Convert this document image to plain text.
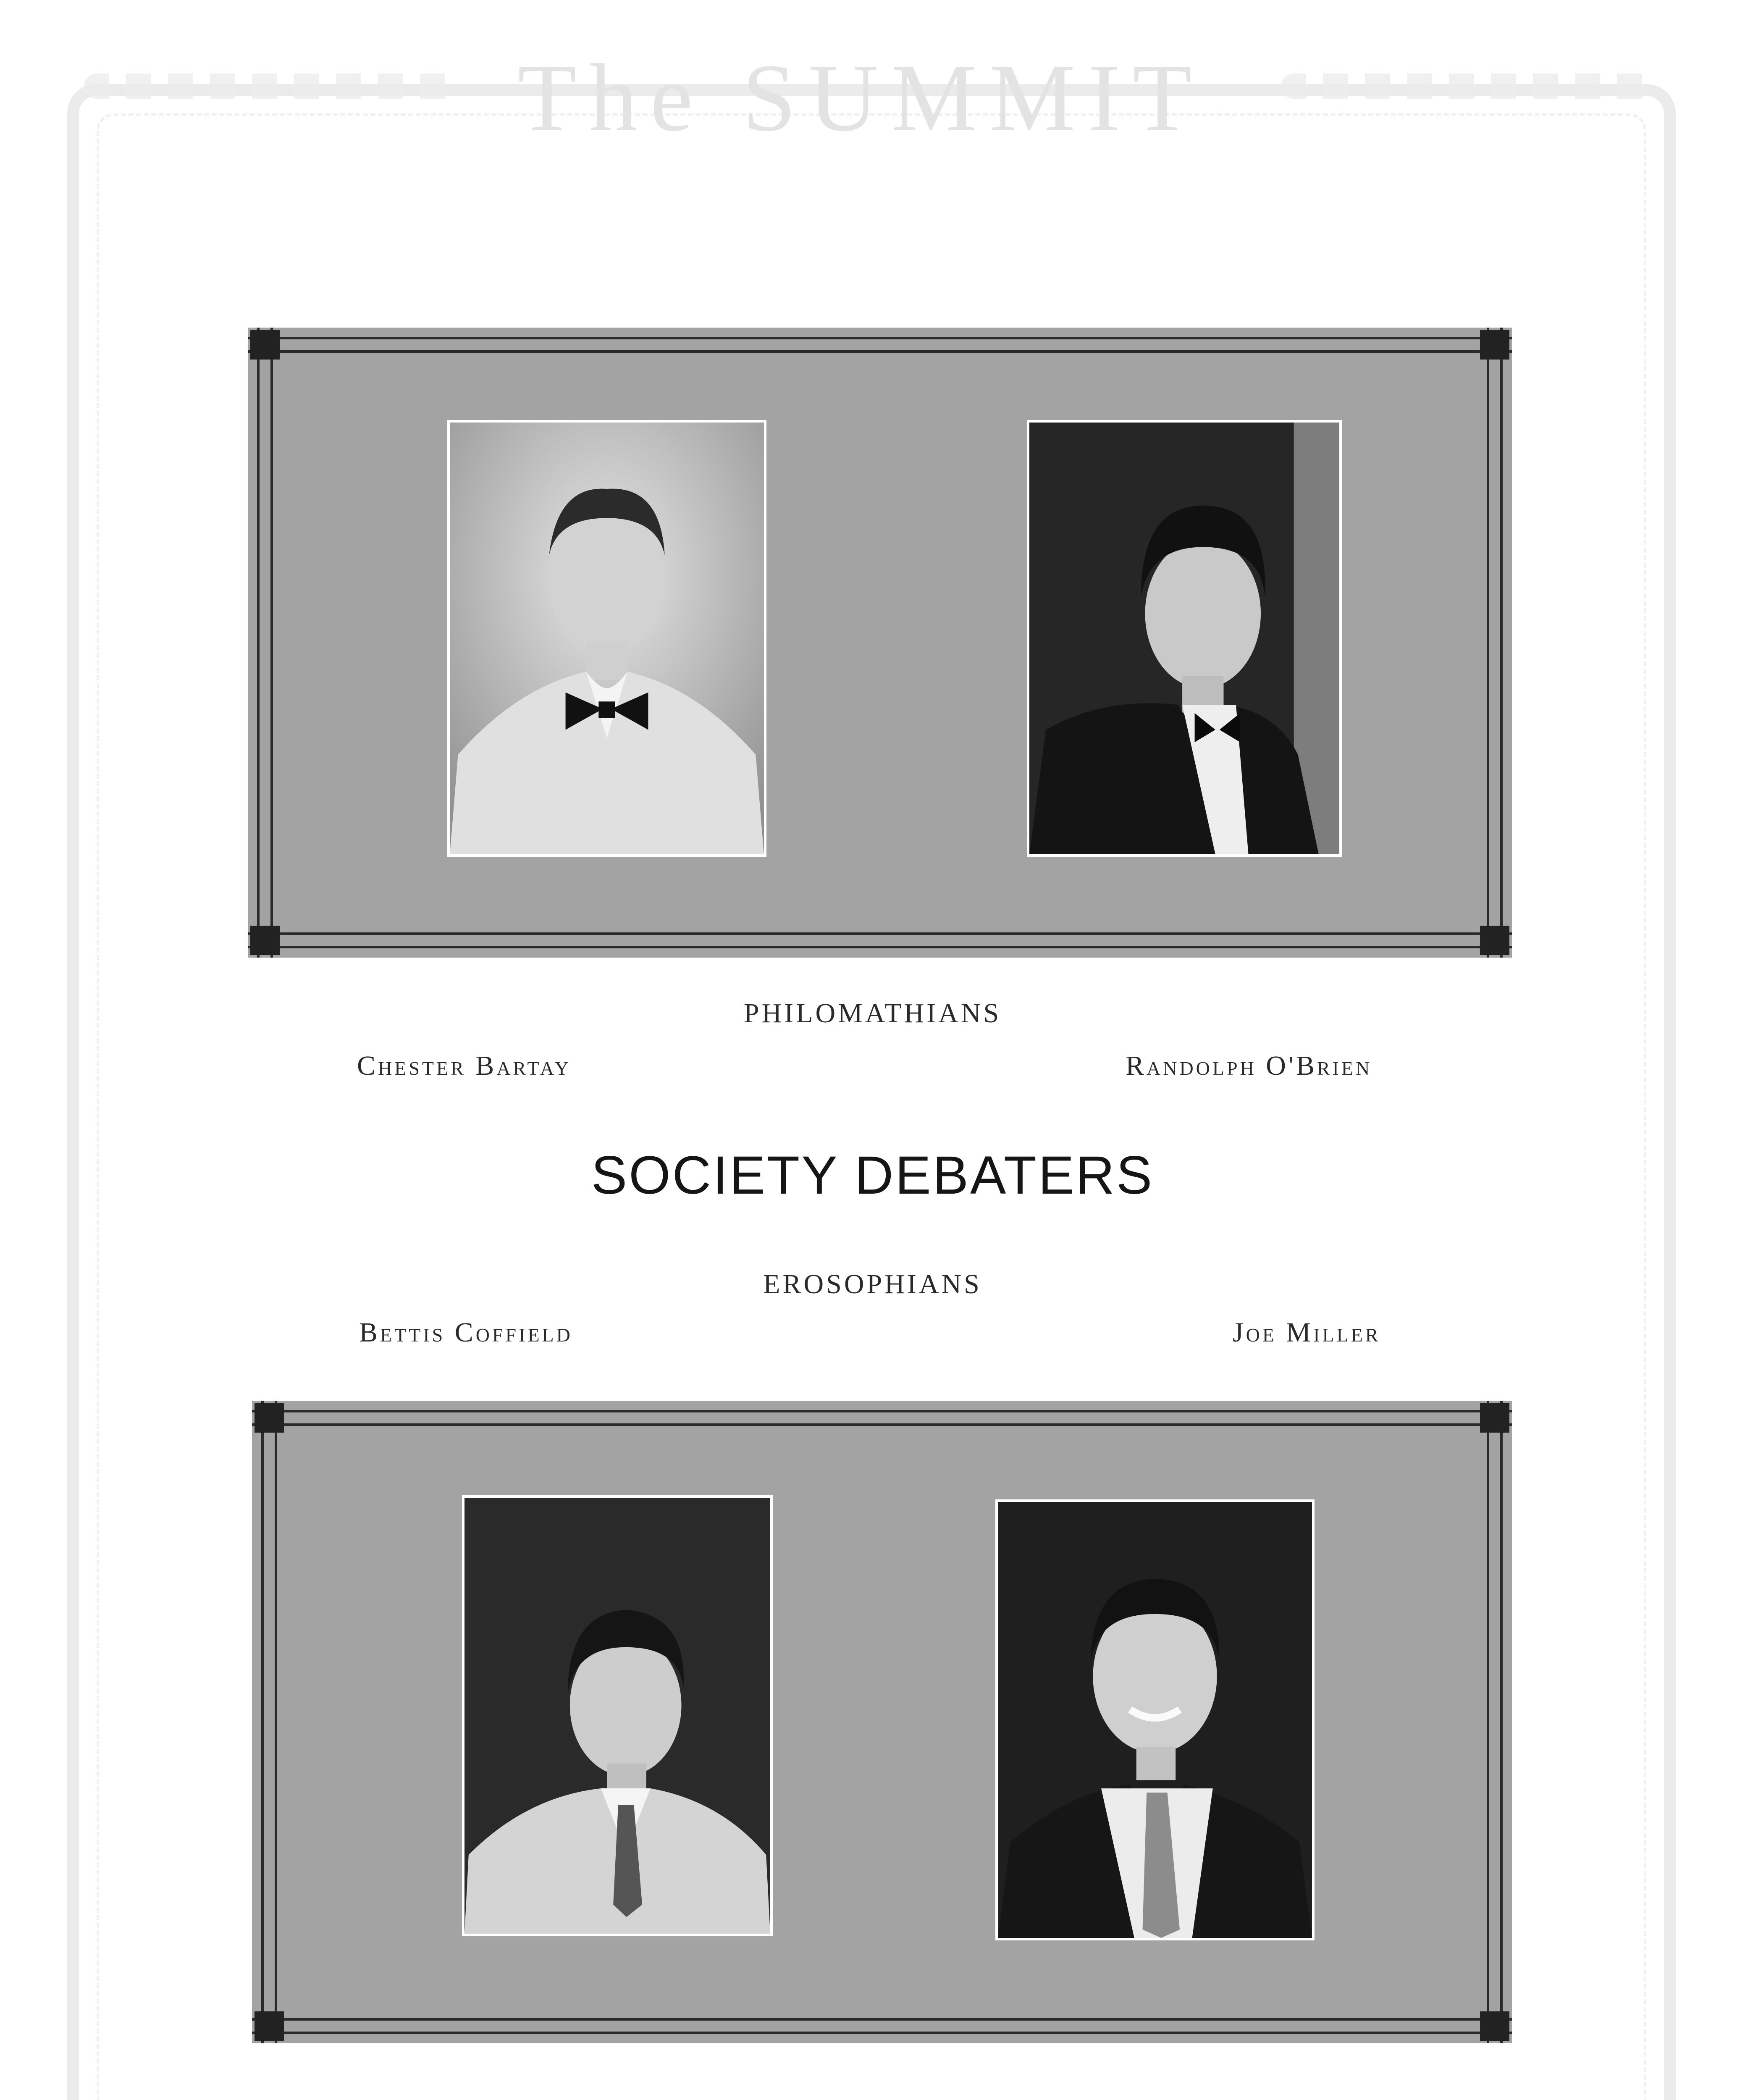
The SUMMIT
PHILOMATHIANS
Chester Bartay	Randolph O'Brien
SOCIETY DEBATERS
EROSOPHIANS
Bettis Coffield	Joe Miller
